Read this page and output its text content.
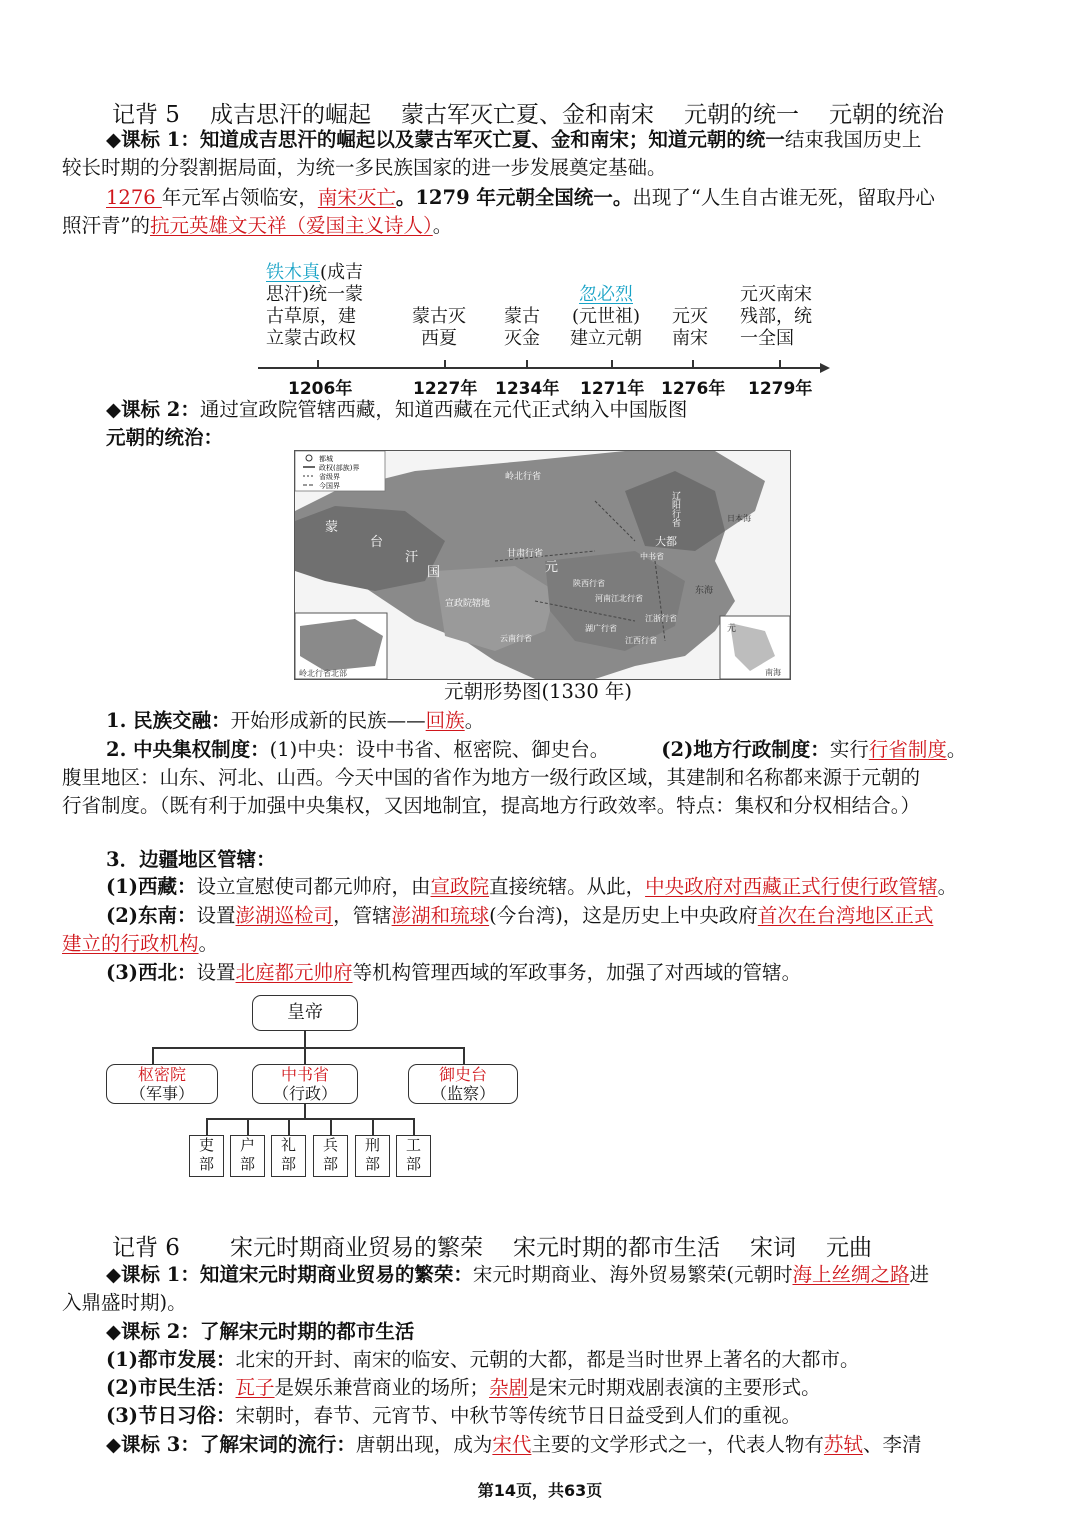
记背 5 成吉思汗的崛起 蒙古军灭亡夏、金和南宋 元朝的统一 元朝的统治
◆课标 1：知道成吉思汗的崛起以及蒙古军灭亡夏、金和南宋；知道元朝的统一结束我国历史上
较长时期的分裂割据局面，为统一多民族国家的进一步发展奠定基础。
1276 年元军占领临安，南宋灭亡。1279 年元朝全国统一。出现了“人生自古谁无死，留取丹心
照汗青”的抗元英雄文天祥（爱国主义诗人）。
铁木真(成吉
思汗)统一蒙
古草原，建
立蒙古政权
蒙古灭
西夏
蒙古
灭金
忽必烈
(元世祖)
建立元朝
元灭
南宋
元灭南宋
残部，统
一全国
1206年	1227年 1234年 1271年 1276年 1279年
◆课标 2：通过宣政院管辖西藏，知道西藏在元代正式纳入中国版图
元朝的统治：
都城
政权(部族)界
省级界
今国界
岭北行省
辽阳行省
蒙
台
汗
国
甘肃行省
元
大都
中书省
陕西行省
宣政院辖地
河南江北行省
云南行省
湖广行省
江浙行省
江西行省
东海
日本海
岭北行省北部	南海
元
元朝形势图(1330 年)
1. 民族交融：开始形成新的民族——回族。
2. 中央集权制度：(1)中央：设中书省、枢密院、御史台。	(2)地方行政制度：实行行省制度。
腹里地区：山东、河北、山西。今天中国的省作为地方一级行政区域，其建制和名称都来源于元朝的
行省制度。（既有利于加强中央集权，又因地制宜，提高地方行政效率。特点：集权和分权相结合。）
3．边疆地区管辖：
(1)西藏：设立宣慰使司都元帅府，由宣政院直接统辖。从此，中央政府对西藏正式行使行政管辖。
(2)东南：设置澎湖巡检司，管辖澎湖和琉球(今台湾)，这是历史上中央政府首次在台湾地区正式
建立的行政机构。
(3)西北：设置北庭都元帅府等机构管理西域的军政事务，加强了对西域的管辖。
皇帝
枢密院
（军事）
中书省
（行政）
御史台
（监察）
吏
部
户
部
礼
部
兵
部
刑
部
工
部
记背 6 宋元时期商业贸易的繁荣 宋元时期的都市生活 宋词 元曲
◆课标 1：知道宋元时期商业贸易的繁荣：宋元时期商业、海外贸易繁荣(元朝时海上丝绸之路进
入鼎盛时期)。
◆课标 2：了解宋元时期的都市生活
(1)都市发展：北宋的开封、南宋的临安、元朝的大都，都是当时世界上著名的大都市。
(2)市民生活：瓦子是娱乐兼营商业的场所；杂剧是宋元时期戏剧表演的主要形式。
(3)节日习俗：宋朝时，春节、元宵节、中秋节等传统节日日益受到人们的重视。
◆课标 3：了解宋词的流行：唐朝出现，成为宋代主要的文学形式之一，代表人物有苏轼、李清
第14页，共63页
